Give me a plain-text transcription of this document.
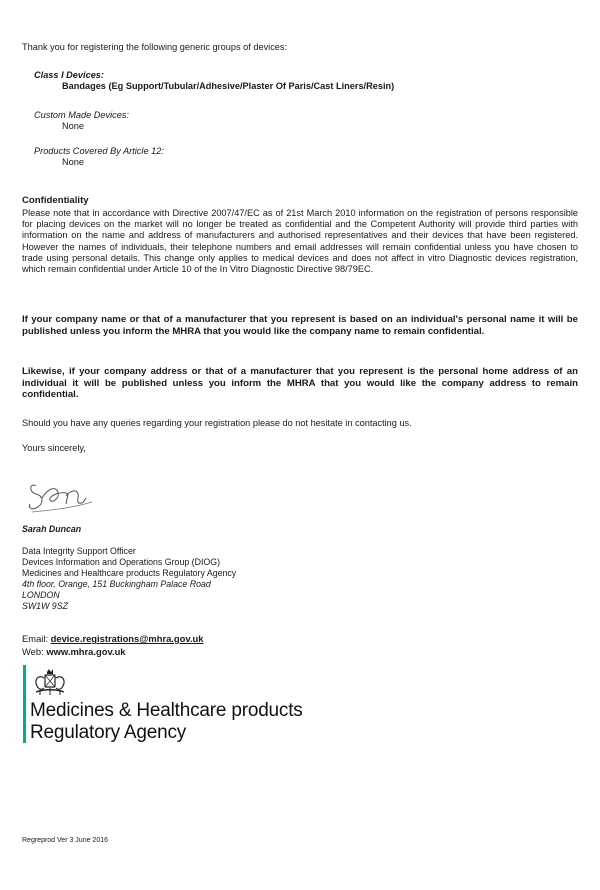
Thank you for registering the following generic groups of devices:

Class I Devices:

Bandages (Eg Support/Tubular/Adhesive/Plaster Of Paris/Cast Liners/Resin)

Custom Made Devices:

None

Products Covered By Article 12:

None

Confidentiality

Please note that in accordance with Directive 2007/47/EC as of 21st March 2010 information on the registration of persons responsible for placing devices on the market will no longer be treated as confidential and the Competent Authority will provide third parties with information on the name and address of manufacturers and authorised representatives and their devices that have been registered. However the names of individuals, their telephone numbers and email addresses will remain confidential unless you have chosen to trade using personal details. This change only applies to medical devices and does not affect in vitro Diagnostic devices registration, which remain confidential under Article 10 of the In Vitro Diagnostic Directive 98/79EC.

If your company name or that of a manufacturer that you represent is based on an individual's personal name it will be published unless you inform the MHRA that you would like the company name to remain confidential.

Likewise, if your company address or that of a manufacturer that you represent is the personal home address of an individual it will be published unless you inform the MHRA that you would like the company address to remain confidential.

Should you have any queries regarding your registration please do not hesitate in contacting us.

Yours sincerely,

Sarah Duncan

Data Integrity Support Officer

Devices Information and Operations Group (DIOG)

Medicines and Healthcare products Regulatory Agency

4th floor, Orange, 151 Buckingham Palace Road

LONDON

SW1W 9SZ

Email: device.registrations@mhra.gov.uk

Web: www.mhra.gov.uk

Medicines & Healthcare products

Regulatory Agency

Regreprod Ver 3 June 2016
